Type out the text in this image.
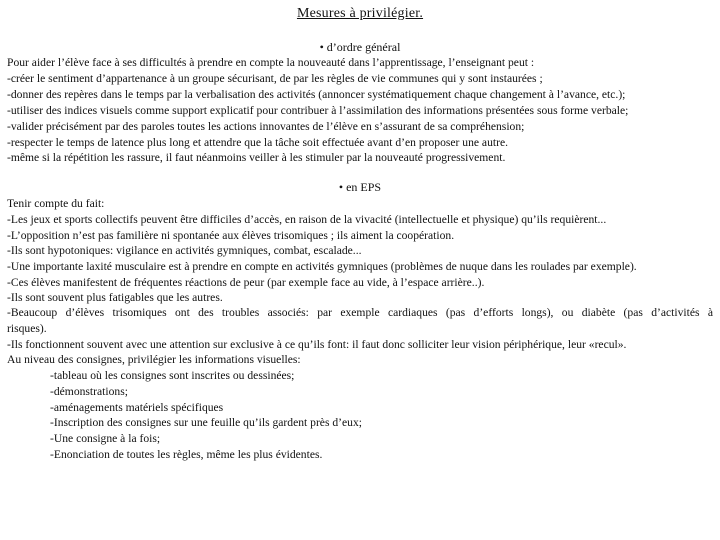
Mesures à privilégier.
• d’ordre général
Pour aider l’élève face à ses difficultés à prendre en compte la nouveauté dans l’apprentissage, l’enseignant peut :
-créer le sentiment d’appartenance à un groupe sécurisant, de par les règles de vie communes qui y sont instaurées ;
-donner des repères dans le temps par la verbalisation des activités (annoncer systématiquement chaque changement à l’avance, etc.);
-utiliser des indices visuels comme support explicatif pour contribuer à l’assimilation des informations présentées sous forme verbale;
-valider précisément par des paroles toutes les actions innovantes de l’élève en s’assurant de sa compréhension;
-respecter le temps de latence plus long et attendre que la tâche soit effectuée avant d’en proposer une autre.
-même si la répétition les rassure, il faut néanmoins veiller à les stimuler par la nouveauté progressivement.
• en EPS
Tenir compte du fait:
-Les jeux et sports collectifs peuvent être difficiles d’accès, en raison de la vivacité (intellectuelle et physique) qu’ils requièrent...
-L’opposition n’est pas familière ni spontanée aux élèves trisomiques ; ils aiment la coopération.
-Ils sont hypotoniques: vigilance en activités gymniques, combat, escalade...
-Une importante laxité musculaire est à prendre en compte en activités gymniques (problèmes de nuque dans les roulades par exemple).
-Ces élèves manifestent de fréquentes réactions de peur (par exemple face au vide, à l’espace arrière..).
-Ils sont souvent plus fatigables que les autres.
-Beaucoup d’élèves trisomiques ont des troubles associés: par exemple cardiaques (pas d’efforts longs), ou diabète (pas d’activités à
risques).
-Ils fonctionnent souvent avec une attention sur exclusive à ce qu’ils font: il faut donc solliciter leur vision périphérique, leur «recul».
Au niveau des consignes, privilégier les informations visuelles:
-tableau où les consignes sont inscrites ou dessinées;
-démonstrations;
-aménagements matériels spécifiques
-Inscription des consignes sur une feuille qu’ils gardent près d’eux;
-Une consigne à la fois;
-Enonciation de toutes les règles, même les plus évidentes.
